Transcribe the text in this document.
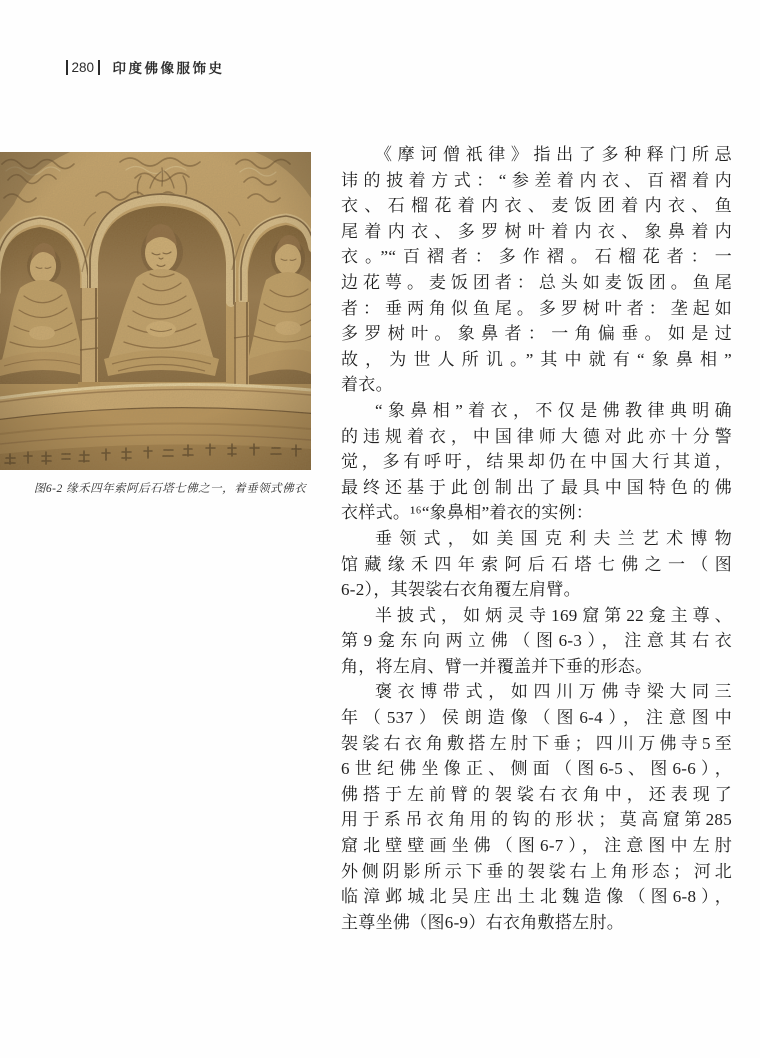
280 印度佛像服饰史
图6-2 缘禾四年索阿后石塔七佛之一，着垂领式佛衣
《摩诃僧祇律》指出了多种释门所忌
讳的披着方式：“参差着内衣、百褶着内
衣、石榴花着内衣、麦饭团着内衣、鱼
尾着内衣、多罗树叶着内衣、象鼻着内
衣。”“百褶者：多作褶。石榴花者：一
边花萼。麦饭团者：总头如麦饭团。鱼尾
者：垂两角似鱼尾。多罗树叶者：垄起如
多罗树叶。象鼻者：一角偏垂。如是过
故，为世人所讥。”其中就有“象鼻相”
着衣。
“象鼻相”着衣，不仅是佛教律典明确
的违规着衣，中国律师大德对此亦十分警
觉，多有呼吁，结果却仍在中国大行其道，
最终还基于此创制出了最具中国特色的佛
衣样式。¹⁶“象鼻相”着衣的实例：
垂领式，如美国克利夫兰艺术博物
馆藏缘禾四年索阿后石塔七佛之一（图
6-2），其袈裟右衣角覆左肩臂。
半披式，如炳灵寺169窟第22龛主尊、
第9龛东向两立佛（图6-3），注意其右衣
角，将左肩、臂一并覆盖并下垂的形态。
褒衣博带式，如四川万佛寺梁大同三
年（537）侯朗造像（图6-4），注意图中
袈裟右衣角敷搭左肘下垂；四川万佛寺5至
6世纪佛坐像正、侧面（图6-5、图6-6），
佛搭于左前臂的袈裟右衣角中，还表现了
用于系吊衣角用的钩的形状；莫高窟第285
窟北壁壁画坐佛（图6-7），注意图中左肘
外侧阴影所示下垂的袈裟右上角形态；河北
临漳邺城北吴庄出土北魏造像（图6-8），
主尊坐佛（图6-9）右衣角敷搭左肘。
